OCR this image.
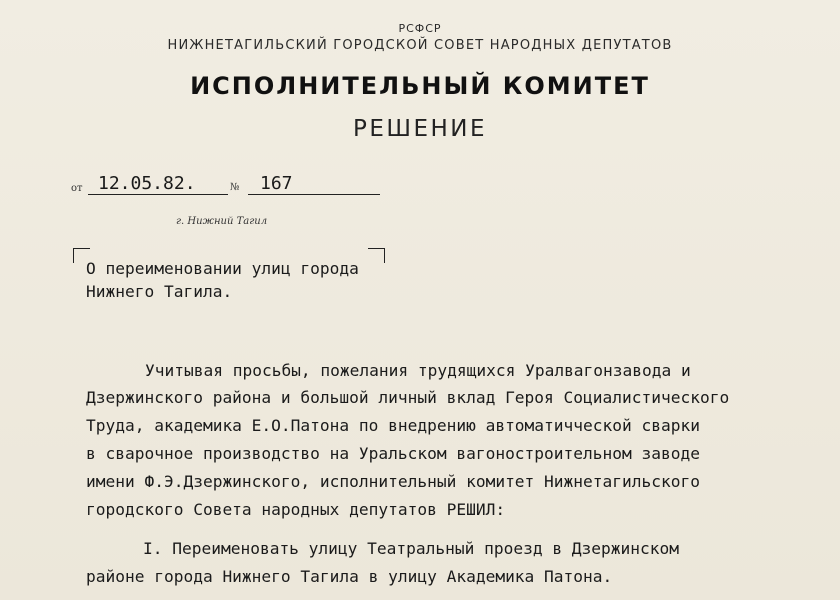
РСФСР
НИЖНЕТАГИЛЬСКИЙ ГОРОДСКОЙ СОВЕТ НАРОДНЫХ ДЕПУТАТОВ
ИСПОЛНИТЕЛЬНЫЙ КОМИТЕТ
РЕШЕНИЕ
от 12.05.82.	№	167
г. Нижний Тагил
О переименовании улиц города
Нижнего Тагила.
Учитывая просьбы, пожелания трудящихся Уралвагонзавода и
Дзержинского района и большой личный вклад Героя Социалистического
Труда, академика Е.О.Патона по внедрению автоматичческой сварки
в сварочное производство на Уральском вагоностроительном заводе
имени Ф.Э.Дзержинского, исполнительный комитет Нижнетагильского
городского Совета народных депутатов РЕШИЛ:
I. Переименовать улицу Театральный проезд в Дзержинском
районе города Нижнего Тагила в улицу Академика Патона.
